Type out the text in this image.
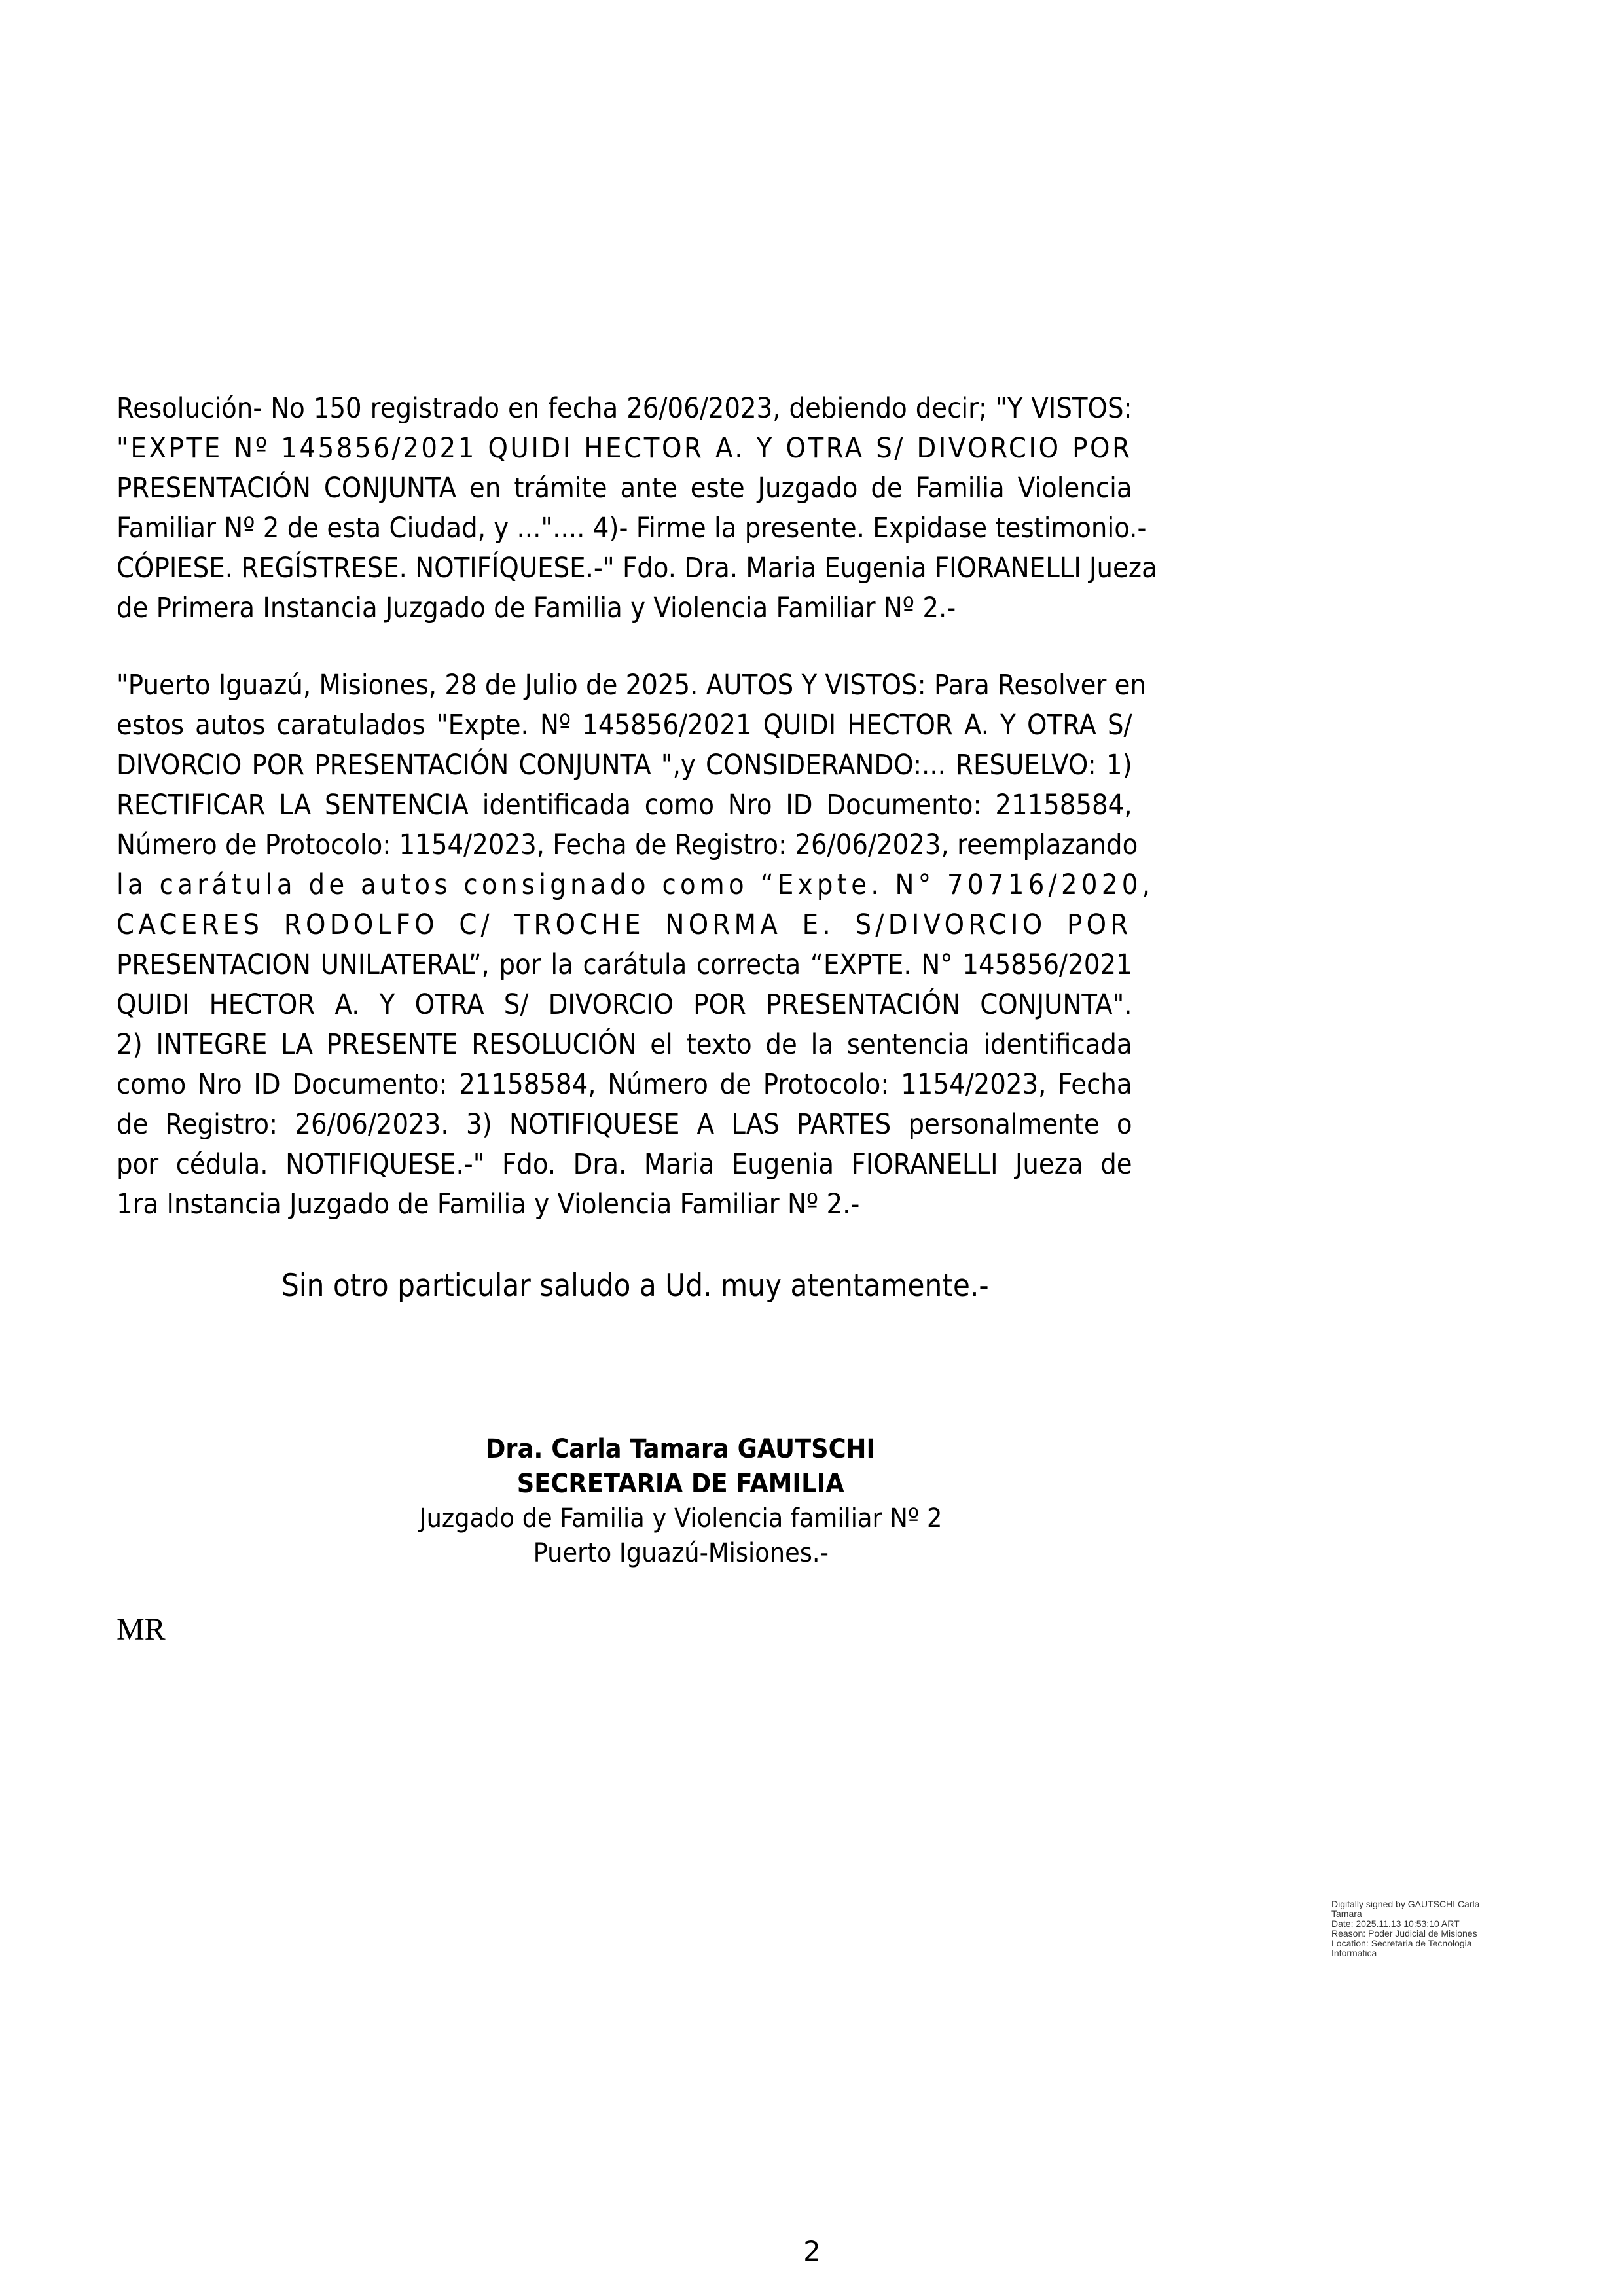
Resolución- No 150 registrado en fecha 26/06/2023, debiendo decir; "Y VISTOS:
"EXPTE Nº 145856/2021 QUIDI HECTOR A. Y OTRA S/ DIVORCIO POR
PRESENTACIÓN CONJUNTA en trámite ante este Juzgado de Familia Violencia
Familiar Nº 2 de esta Ciudad, y ...".... 4)- Firme la presente. Expidase testimonio.-
CÓPIESE. REGÍSTRESE. NOTIFÍQUESE.-" Fdo. Dra. Maria Eugenia FIORANELLI Jueza
de Primera Instancia Juzgado de Familia y Violencia Familiar Nº 2.-
"Puerto Iguazú, Misiones, 28 de Julio de 2025. AUTOS Y VISTOS: Para Resolver en
estos autos caratulados "Expte. Nº 145856/2021 QUIDI HECTOR A. Y OTRA S/
DIVORCIO POR PRESENTACIÓN CONJUNTA ",y CONSIDERANDO:... RESUELVO: 1)
RECTIFICAR LA SENTENCIA identificada como Nro ID Documento: 21158584,
Número de Protocolo: 1154/2023, Fecha de Registro: 26/06/2023, reemplazando
la carátula de autos consignado como “Expte. N° 70716/2020,
CACERES RODOLFO C/ TROCHE NORMA E. S/DIVORCIO POR
PRESENTACION UNILATERAL”, por la carátula correcta “EXPTE. N° 145856/2021
QUIDI HECTOR A. Y OTRA S/ DIVORCIO POR PRESENTACIÓN CONJUNTA".
2) INTEGRE LA PRESENTE RESOLUCIÓN el texto de la sentencia identificada
como Nro ID Documento: 21158584, Número de Protocolo: 1154/2023, Fecha
de Registro: 26/06/2023. 3) NOTIFIQUESE A LAS PARTES personalmente o
por cédula. NOTIFIQUESE.-" Fdo. Dra. Maria Eugenia FIORANELLI Jueza de
1ra Instancia Juzgado de Familia y Violencia Familiar Nº 2.-
Sin otro particular saludo a Ud. muy atentamente.-
Dra. Carla Tamara GAUTSCHI
SECRETARIA DE FAMILIA
Juzgado de Familia y Violencia familiar Nº 2
Puerto Iguazú-Misiones.-
MR
Digitally signed by GAUTSCHI Carla
Tamara
Date: 2025.11.13 10:53:10 ART
Reason: Poder Judicial de Misiones
Location: Secretaria de Tecnologia
Informatica
2
